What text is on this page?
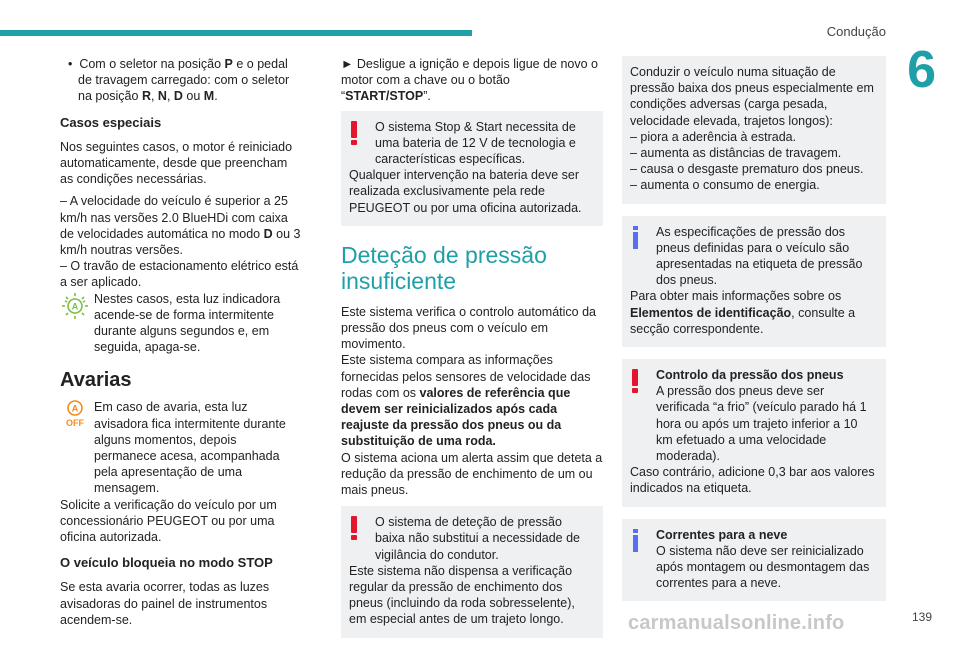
Condução
6

•  Com o seletor na posição P e o pedal de travagem carregado: com o seletor na posição R, N, D ou M.

Casos especiais

Nos seguintes casos, o motor é reiniciado automaticamente, desde que preencham as condições necessárias.

– A velocidade do veículo é superior a 25 km/h nas versões 2.0 BlueHDi com caixa de velocidades automática no modo D ou 3 km/h noutras versões.

– O travão de estacionamento elétrico está a ser aplicado.

A
Nestes casos, esta luz indicadora acende-se de forma intermitente durante alguns segundos e, em seguida, apaga-se.
Avarias
A
OFF
Em caso de avaria, esta luz avisadora fica intermitente durante alguns momentos, depois permanece acesa, acompanhada pela apresentação de uma mensagem.

Solicite a verificação do veículo por um concessionário PEUGEOT ou por uma oficina autorizada.

O veículo bloqueia no modo STOP

Se esta avaria ocorrer, todas as luzes avisadoras do painel de instrumentos acendem-se.

► Desligue a ignição e depois ligue de novo o motor com a chave ou o botão “START/STOP”.

O sistema Stop & Start necessita de uma bateria de 12 V de tecnologia e características específicas.

Qualquer intervenção na bateria deve ser realizada exclusivamente pela rede PEUGEOT ou por uma oficina autorizada.

Deteção de pressão insuficiente

Este sistema verifica o controlo automático da pressão dos pneus com o veículo em movimento.

Este sistema compara as informações fornecidas pelos sensores de velocidade das rodas com os valores de referência que devem ser reinicializados após cada reajuste da pressão dos pneus ou da substituição de uma roda.

O sistema aciona um alerta assim que deteta a redução da pressão de enchimento de um ou mais pneus.

O sistema de deteção de pressão baixa não substitui a necessidade de vigilância do condutor.

Este sistema não dispensa a verificação regular da pressão de enchimento dos pneus (incluindo da roda sobresselente), em especial antes de um trajeto longo.

Conduzir o veículo numa situação de pressão baixa dos pneus especialmente em condições adversas (carga pesada, velocidade elevada, trajetos longos):

– piora a aderência à estrada.
– aumenta as distâncias de travagem.
– causa o desgaste prematuro dos pneus.
– aumenta o consumo de energia.

As especificações de pressão dos pneus definidas para o veículo são apresentadas na etiqueta de pressão dos pneus.

Para obter mais informações sobre os Elementos de identificação, consulte a secção correspondente.

Controlo da pressão dos pneus

A pressão dos pneus deve ser verificada “a frio” (veículo parado há 1 hora ou após um trajeto inferior a 10 km efetuado a uma velocidade moderada).

Caso contrário, adicione 0,3 bar aos valores indicados na etiqueta.

Correntes para a neve

O sistema não deve ser reinicializado após montagem ou desmontagem das correntes para a neve.

139
carmanualsonline.info
